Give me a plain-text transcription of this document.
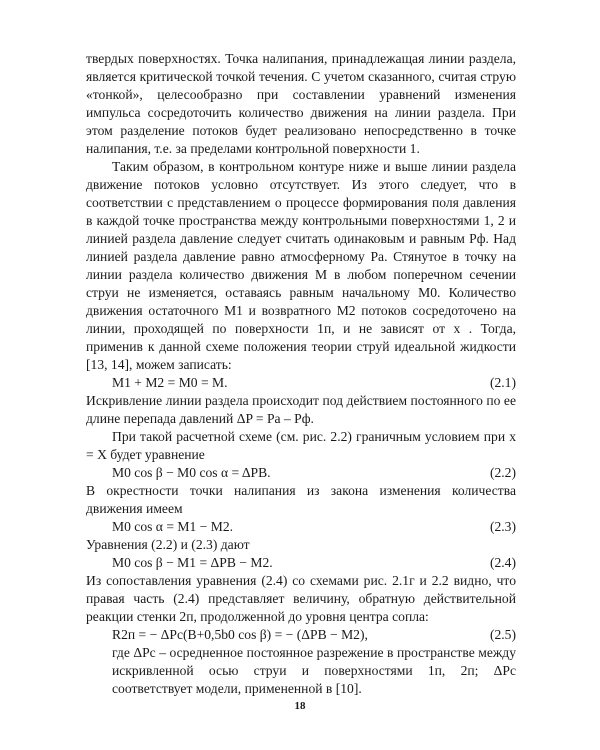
твердых поверхностях. Точка налипания, принадлежащая линии раздела, является критической точкой течения. С учетом сказанного, считая струю «тонкой», целесообразно при составлении уравнений изменения импульса сосредоточить количество движения на линии раздела. При этом разделение потоков будет реализовано непосредственно в точке налипания, т.е. за пределами контрольной поверхности 1.

Таким образом, в контрольном контуре ниже и выше линии раздела движение потоков условно отсутствует. Из этого следует, что в соответствии с представлением о процессе формирования поля давления в каждой точке пространства между контрольными поверхностями 1, 2 и линией раздела давление следует считать одинаковым и равным Pф. Над линией раздела давление равно атмосферному Pа. Стянутое в точку на линии раздела количество движения M в любом поперечном сечении струи не изменяется, оставаясь равным начальному M0. Количество движения остаточного M1 и возвратного M2 потоков сосредоточено на линии, проходящей по поверхности 1п, и не зависят от x . Тогда, применив к данной схеме положения теории струй идеальной жидкости [13, 14], можем записать:

M1 + M2 = M0 = M.	(2.1)

Искривление линии раздела происходит под действием постоянного по ее длине перепада давлений ΔP = Pа – Pф.

При такой расчетной схеме (см. рис. 2.2) граничным условием при x = X будет уравнение

M0 cos β − M0 cos α = ΔPB.	(2.2)

В окрестности точки налипания из закона изменения количества движения имеем

M0 cos α = M1 − M2.	(2.3)

Уравнения (2.2) и (2.3) дают

M0 cos β − M1 = ΔPB − M2.	(2.4)

Из сопоставления уравнения (2.4) со схемами рис. 2.1г и 2.2 видно, что правая часть (2.4) представляет величину, обратную действительной реакции стенки 2п, продолженной до уровня центра сопла:

R2п = − ΔPс(B+0,5b0 cos β) = − (ΔPB − M2),	(2.5)

где ΔPс – осредненное постоянное разрежение в пространстве между искривленной осью струи и поверхностями 1п, 2п; ΔPс соответствует модели, примененной в [10].

18
